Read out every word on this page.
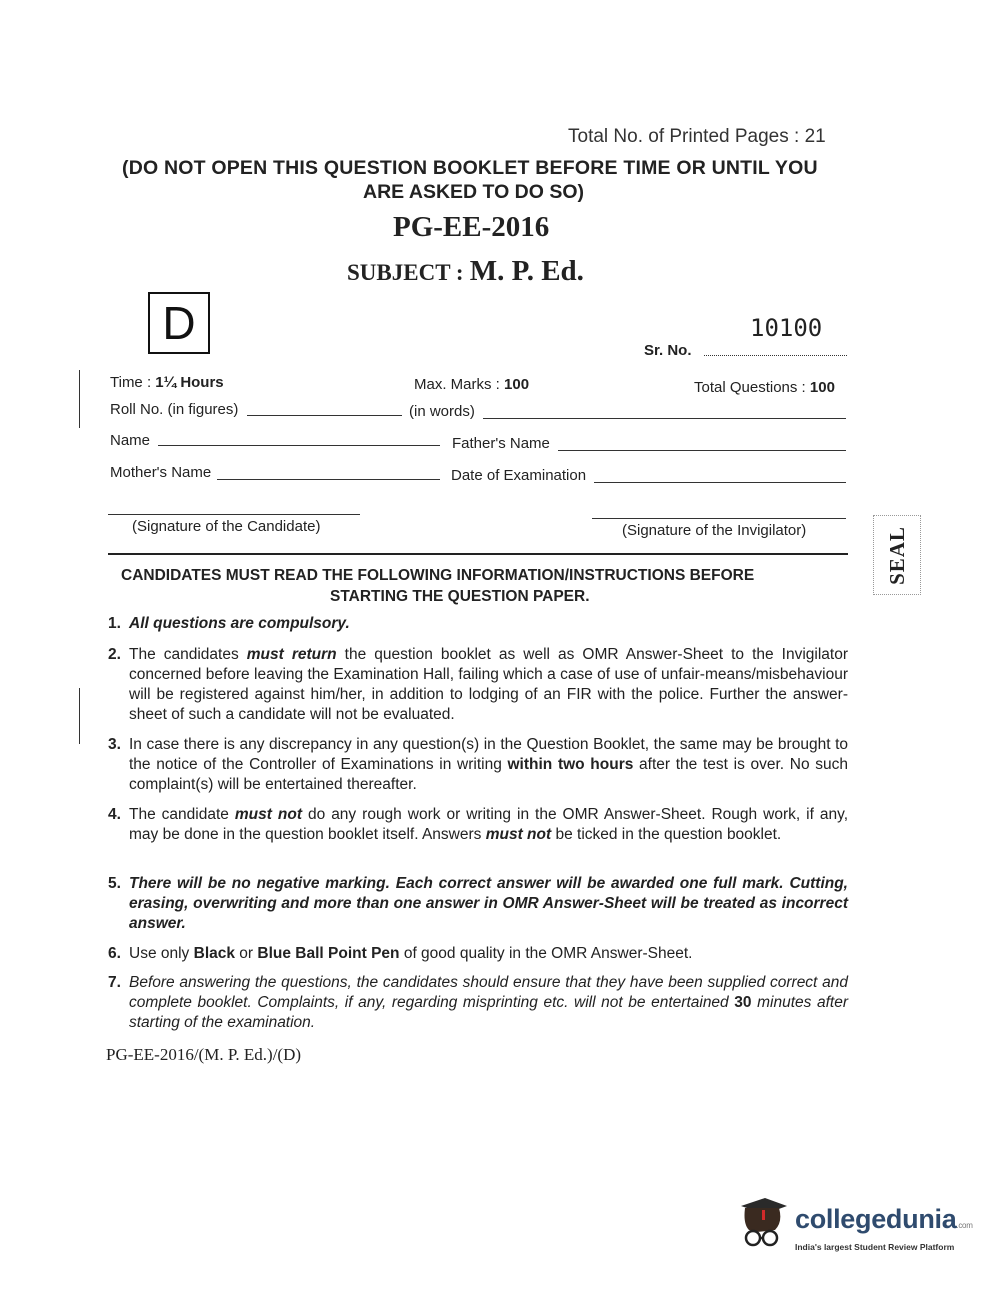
Total No. of Printed Pages : 21
(DO NOT OPEN THIS QUESTION BOOKLET BEFORE TIME OR UNTIL YOU
ARE ASKED TO DO SO)
PG-EE-2016
SUBJECT : M. P. Ed.
D	10100
Sr. No.
Time : 1¼ Hours	Max. Marks : 100	Total Questions : 100
Roll No. (in figures)	(in words)
Name	Father's Name
Mother's Name	Date of Examination
(Signature of the Candidate)	(Signature of the Invigilator)	SEAL
CANDIDATES MUST READ THE FOLLOWING INFORMATION/INSTRUCTIONS BEFORE
STARTING THE QUESTION PAPER.
1. All questions are compulsory.
2. The candidates must return the question booklet as well as OMR Answer-Sheet to the Invigilator concerned before leaving the Examination Hall, failing which a case of use of unfair-means/misbehaviour will be registered against him/her, in addition to lodging of an FIR with the police. Further the answer-sheet of such a candidate will not be evaluated.
3. In case there is any discrepancy in any question(s) in the Question Booklet, the same may be brought to the notice of the Controller of Examinations in writing within two hours after the test is over. No such complaint(s) will be entertained thereafter.
4. The candidate must not do any rough work or writing in the OMR Answer-Sheet. Rough work, if any, may be done in the question booklet itself. Answers must not be ticked in the question booklet.
5. There will be no negative marking. Each correct answer will be awarded one full mark. Cutting, erasing, overwriting and more than one answer in OMR Answer-Sheet will be treated as incorrect answer.
6. Use only Black or Blue Ball Point Pen of good quality in the OMR Answer-Sheet.
7. Before answering the questions, the candidates should ensure that they have been supplied correct and complete booklet. Complaints, if any, regarding misprinting etc. will not be entertained 30 minutes after starting of the examination.
PG-EE-2016/(M. P. Ed.)/(D)
collegedunia.com
India's largest Student Review Platform
